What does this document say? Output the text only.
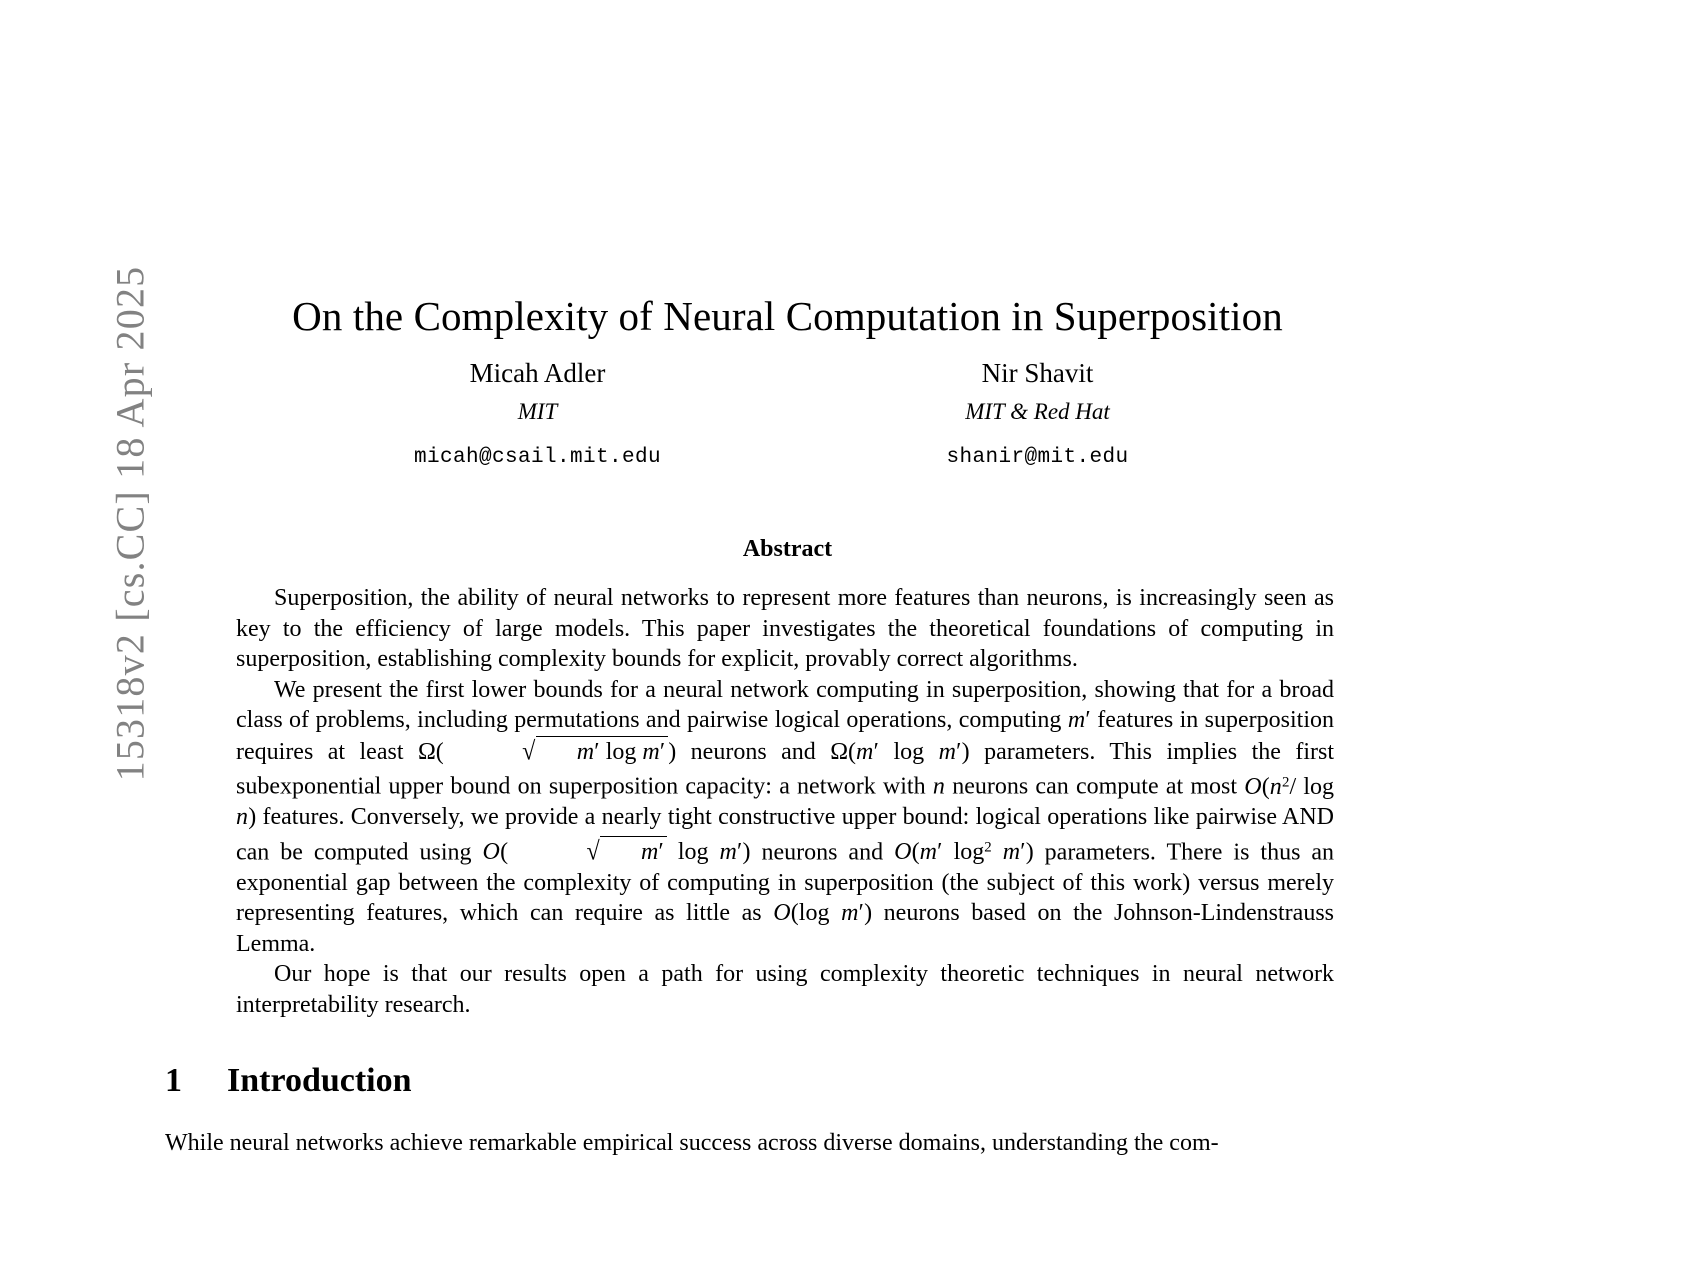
15318v2 [cs.CC] 18 Apr 2025	On the Complexity of Neural Computation in Superposition
Micah Adler
MIT
micah@csail.mit.edu
Nir Shavit
MIT & Red Hat
shanir@mit.edu
Abstract

Superposition, the ability of neural networks to represent more features than neurons, is increasingly seen as key to the efficiency of large models. This paper investigates the theoretical foundations of computing in superposition, establishing complexity bounds for explicit, provably correct algorithms.

We present the first lower bounds for a neural network computing in superposition, showing that for a broad class of problems, including permutations and pairwise logical operations, computing m′ features in superposition requires at least Ω(	√ m′ log m′ ) neurons and Ω(m′ log m′) parameters. This implies the first subexponential upper bound on superposition capacity: a network with n neurons can compute at most $O(n^2/$ log n) features. Conversely, we provide a nearly tight constructive upper bound: logical operations like pairwise AND can be computed using O(	√ m′ log m′) neurons and O(m′ $\log^2 m'$) parameters. There is thus an exponential gap between the complexity of computing in superposition (the subject of this work) versus merely representing features, which can require as little as O(log m′) neurons based on the Johnson-Lindenstrauss Lemma.

Our hope is that our results open a path for using complexity theoretic techniques in neural network interpretability research.

1 Introduction

While neural networks achieve remarkable empirical success across diverse domains, understanding the com-
